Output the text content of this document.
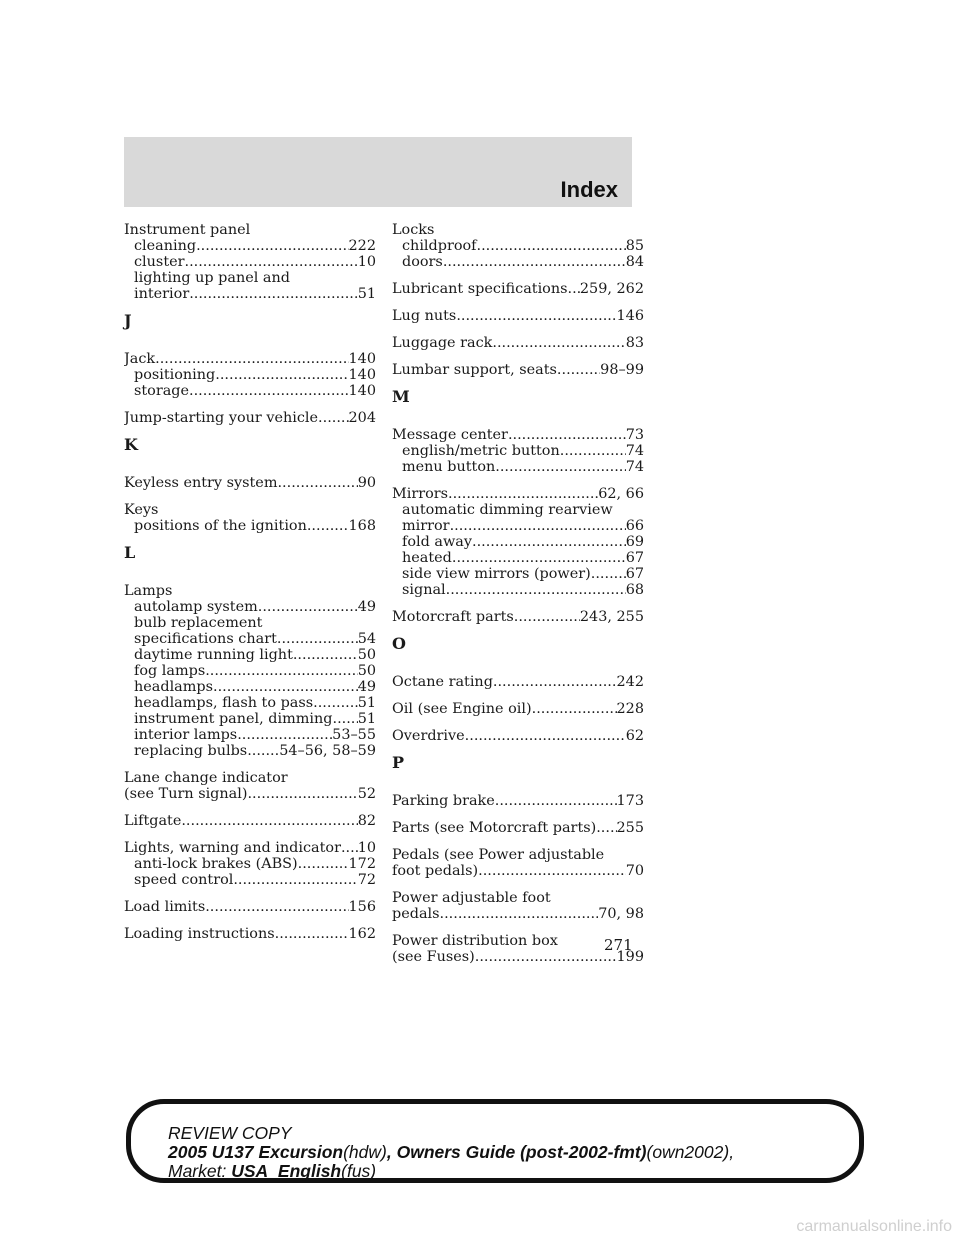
Index
Instrument panel
cleaning .....	222
cluster .....	10
lighting up panel and
interior .....	51
J
Jack .....	140
positioning .....	140
storage .....	140
Jump-starting your vehicle ..... 204
K
Keyless entry system .....	90
Keys
positions of the ignition .....	168
L
Lamps
autolamp system .....	49
bulb replacement
specifications chart .....	54
daytime running light .....	50
fog lamps .....	50
headlamps .....	49
headlamps, flash to pass .....	51
instrument panel, dimming ..... 51
interior lamps .....	53–55
replacing bulbs ..... 54–56, 58–59
Lane change indicator
(see Turn signal) .....	52
Liftgate .....	82
Lights, warning and indicator ..... 10
anti-lock brakes (ABS) .....	172
speed control .....	72
Load limits .....	156
Loading instructions .....	162
Locks
childproof .....	85
doors .....	84
Lubricant specifications ..... 259, 262
Lug nuts .....	146
Luggage rack .....	83
Lumbar support, seats .....	98–99
M
Message center .....	73
english/metric button .....	74
menu button .....	74
Mirrors .....	62, 66
automatic dimming rearview
mirror .....	66
fold away .....	69
heated .....	67
side view mirrors (power) ..... 67
signal .....	68
Motorcraft parts .....	243, 255
O
Octane rating .....	242
Oil (see Engine oil) .....	228
Overdrive .....	62
P
Parking brake .....	173
Parts (see Motorcraft parts) ..... 255
Pedals (see Power adjustable
foot pedals) .....	70
Power adjustable foot
pedals .....	70, 98
Power distribution box
(see Fuses) .....	199
271
REVIEW COPY
2005 U137 Excursion(hdw), Owners Guide (post-2002-fmt)(own2002),
Market: USA_English(fus)
carmanualsonline.info
